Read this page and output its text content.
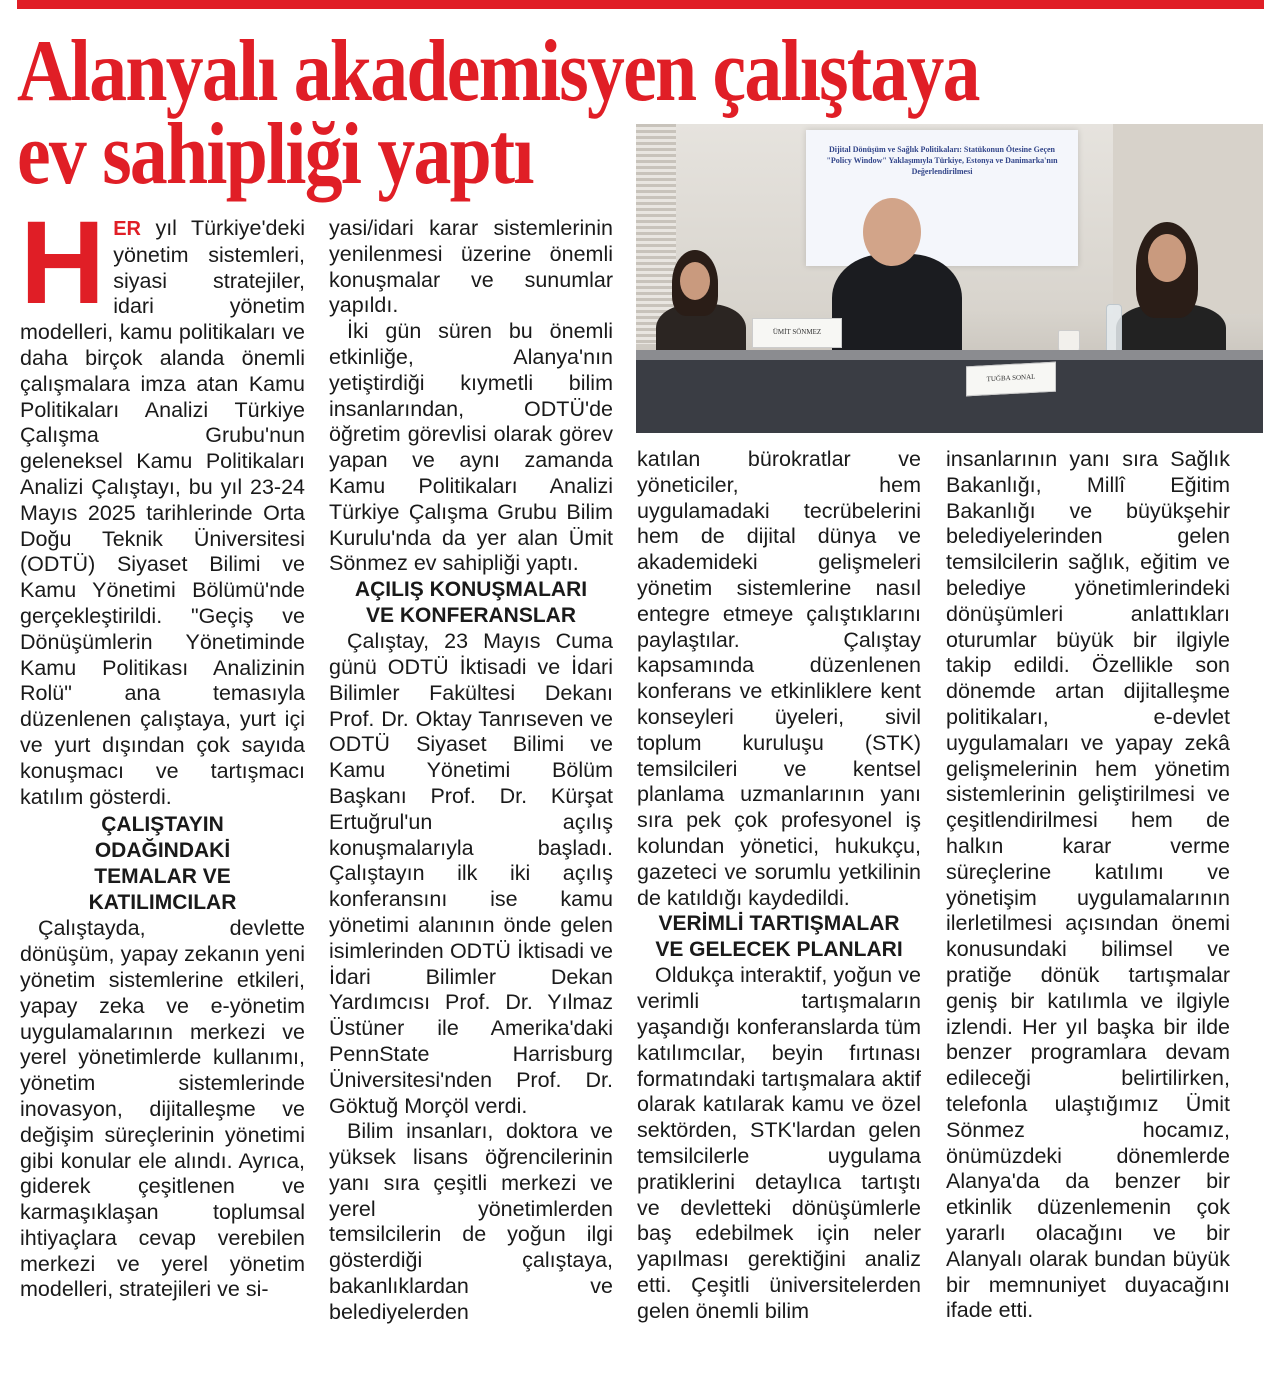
Alanyalı akademisyen çalıştaya
ev sahipliği yaptı	Dijital Dönüşüm ve Sağlık Politikaları: Statükonun Ötesine Geçen "Policy Window" Yaklaşımıyla Türkiye, Estonya ve Danimarka'nın Değerlendirilmesi
ÜMİT SÖNMEZ
TUĞBA SONAL
H ER yıl Türkiye'deki yönetim sistemleri, siyasi stratejiler, idari yönetim modelleri, kamu politikaları ve daha birçok alanda önemli çalışmalara imza atan Kamu Politikaları Analizi Türkiye Çalışma Grubu'nun geleneksel Kamu Politikaları Analizi Çalıştayı, bu yıl 23-24 Mayıs 2025 tarihlerinde Orta Doğu Teknik Üniversitesi (ODTÜ) Siyaset Bilimi ve Kamu Yönetimi Bölümü'nde gerçekleştirildi. "Geçiş ve Dönüşümlerin Yönetiminde Kamu Politikası Analizinin Rolü" ana temasıyla düzenlenen çalıştaya, yurt içi ve yurt dışından çok sayıda konuşmacı ve tartışmacı katılım gösterdi.

ÇALIŞTAYIN ODAĞINDAKİ TEMALAR VE KATILIMCILAR

Çalıştayda, devlette dönüşüm, yapay zekanın yeni yönetim sistemlerine etkileri, yapay zeka ve e-yönetim uygulamalarının merkezi ve yerel yönetimlerde kullanımı, yönetim sistemlerinde inovasyon, dijitalleşme ve değişim süreçlerinin yönetimi gibi konular ele alındı. Ayrıca, giderek çeşitlenen ve karmaşıklaşan toplumsal ihtiyaçlara cevap verebilen merkezi ve yerel yönetim modelleri, stratejileri ve si-

yasi/idari karar sistemlerinin yenilenmesi üzerine önemli konuşmalar ve sunumlar yapıldı.

İki gün süren bu önemli etkinliğe, Alanya'nın yetiştirdiği kıymetli bilim insanlarından, ODTÜ'de öğretim görevlisi olarak görev yapan ve aynı zamanda Kamu Politikaları Analizi Türkiye Çalışma Grubu Bilim Kurulu'nda da yer alan Ümit Sönmez ev sahipliği yaptı.

AÇILIŞ KONUŞMALARI VE KONFERANSLAR

Çalıştay, 23 Mayıs Cuma günü ODTÜ İktisadi ve İdari Bilimler Fakültesi Dekanı Prof. Dr. Oktay Tanrıseven ve ODTÜ Siyaset Bilimi ve Kamu Yönetimi Bölüm Başkanı Prof. Dr. Kürşat Ertuğrul'un açılış konuşmalarıyla başladı. Çalıştayın ilk iki açılış konferansını ise kamu yönetimi alanının önde gelen isimlerinden ODTÜ İktisadi ve İdari Bilimler Dekan Yardımcısı Prof. Dr. Yılmaz Üstüner ile Amerika'daki PennState Harrisburg Üniversitesi'nden Prof. Dr. Göktuğ Morçöl verdi.

Bilim insanları, doktora ve yüksek lisans öğrencilerinin yanı sıra çeşitli merkezi ve yerel yönetimlerden temsilcilerin de yoğun ilgi gösterdiği çalıştaya, bakanlıklardan ve belediyelerden

katılan bürokratlar ve yöneticiler, hem uygulamadaki tecrübelerini hem de dijital dünya ve akademideki gelişmeleri yönetim sistemlerine nasıl entegre etmeye çalıştıklarını paylaştılar. Çalıştay kapsamında düzenlenen konferans ve etkinliklere kent konseyleri üyeleri, sivil toplum kuruluşu (STK) temsilcileri ve kentsel planlama uzmanlarının yanı sıra pek çok profesyonel iş kolundan yönetici, hukukçu, gazeteci ve sorumlu yetkilinin de katıldığı kaydedildi.

VERİMLİ TARTIŞMALAR VE GELECEK PLANLARI

Oldukça interaktif, yoğun ve verimli tartışmaların yaşandığı konferanslarda tüm katılımcılar, beyin fırtınası formatındaki tartışmalara aktif olarak katılarak kamu ve özel sektörden, STK'lardan gelen temsilcilerle uygulama pratiklerini detaylıca tartıştı ve devletteki dönüşümlerle baş edebilmek için neler yapılması gerektiğini analiz etti. Çeşitli üniversitelerden gelen önemli bilim

insanlarının yanı sıra Sağlık Bakanlığı, Millî Eğitim Bakanlığı ve büyükşehir belediyelerinden gelen temsilcilerin sağlık, eğitim ve belediye yönetimlerindeki dönüşümleri anlattıkları oturumlar büyük bir ilgiyle takip edildi. Özellikle son dönemde artan dijitalleşme politikaları, e-devlet uygulamaları ve yapay zekâ gelişmelerinin hem yönetim sistemlerinin geliştirilmesi ve çeşitlendirilmesi hem de halkın karar verme süreçlerine katılımı ve yönetişim uygulamalarının ilerletilmesi açısından önemi konusundaki bilimsel ve pratiğe dönük tartışmalar geniş bir katılımla ve ilgiyle izlendi. Her yıl başka bir ilde benzer programlara devam edileceği belirtilirken, telefonla ulaştığımız Ümit Sönmez hocamız, önümüzdeki dönemlerde Alanya'da da benzer bir etkinlik düzenlemenin çok yararlı olacağını ve bir Alanyalı olarak bundan büyük bir memnuniyet duyacağını ifade etti.
